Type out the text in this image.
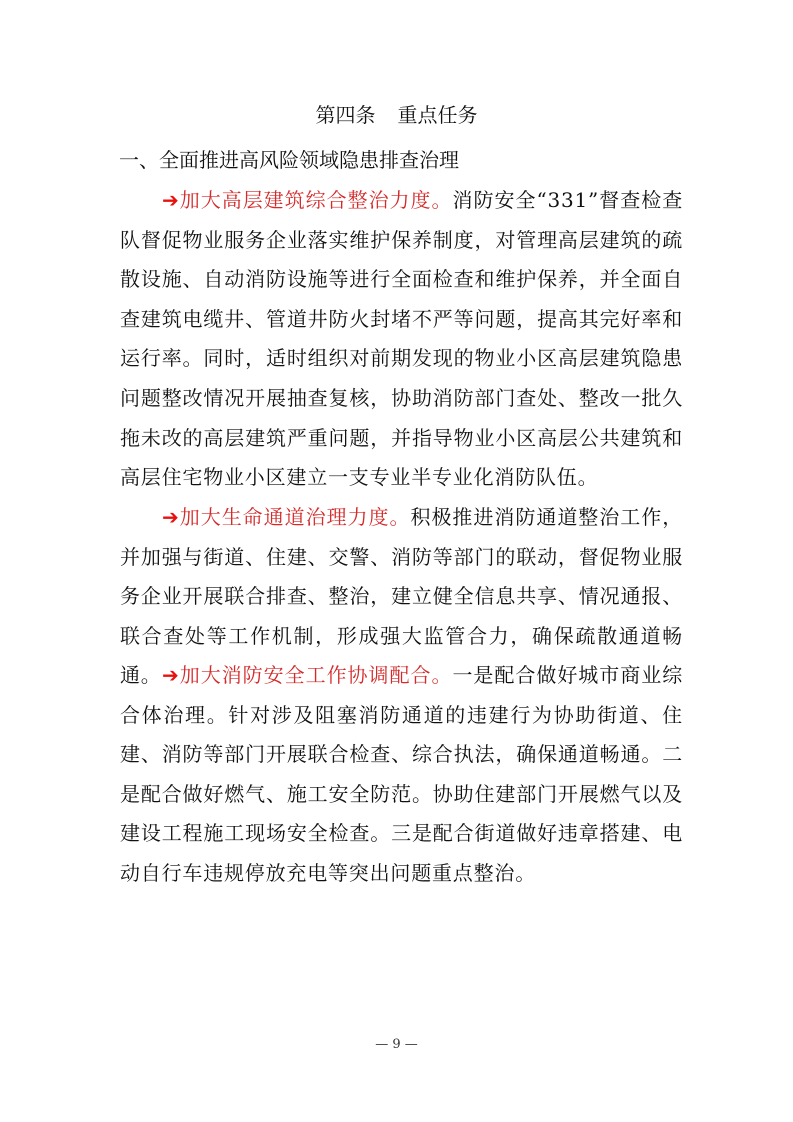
第四条 重点任务
一、全面推进高风险领域隐患排查治理

➔加大高层建筑综合整治力度。消防安全“331”督查检查队督促物业服务企业落实维护保养制度，对管理高层建筑的疏散设施、自动消防设施等进行全面检查和维护保养，并全面自查建筑电缆井、管道井防火封堵不严等问题，提高其完好率和运行率。同时，适时组织对前期发现的物业小区高层建筑隐患问题整改情况开展抽查复核，协助消防部门查处、整改一批久拖未改的高层建筑严重问题，并指导物业小区高层公共建筑和高层住宅物业小区建立一支专业半专业化消防队伍。

➔加大生命通道治理力度。积极推进消防通道整治工作，并加强与街道、住建、交警、消防等部门的联动，督促物业服务企业开展联合排查、整治，建立健全信息共享、情况通报、联合查处等工作机制，形成强大监管合力，确保疏散通道畅通。 ➔加大消防安全工作协调配合。一是配合做好城市商业综合体治理。针对涉及阻塞消防通道的违建行为协助街道、住建、消防等部门开展联合检查、综合执法，确保通道畅通。二是配合做好燃气、施工安全防范。协助住建部门开展燃气以及建设工程施工现场安全检查。三是配合街道做好违章搭建、电动自行车违规停放充电等突出问题重点整治。

— 9 —
